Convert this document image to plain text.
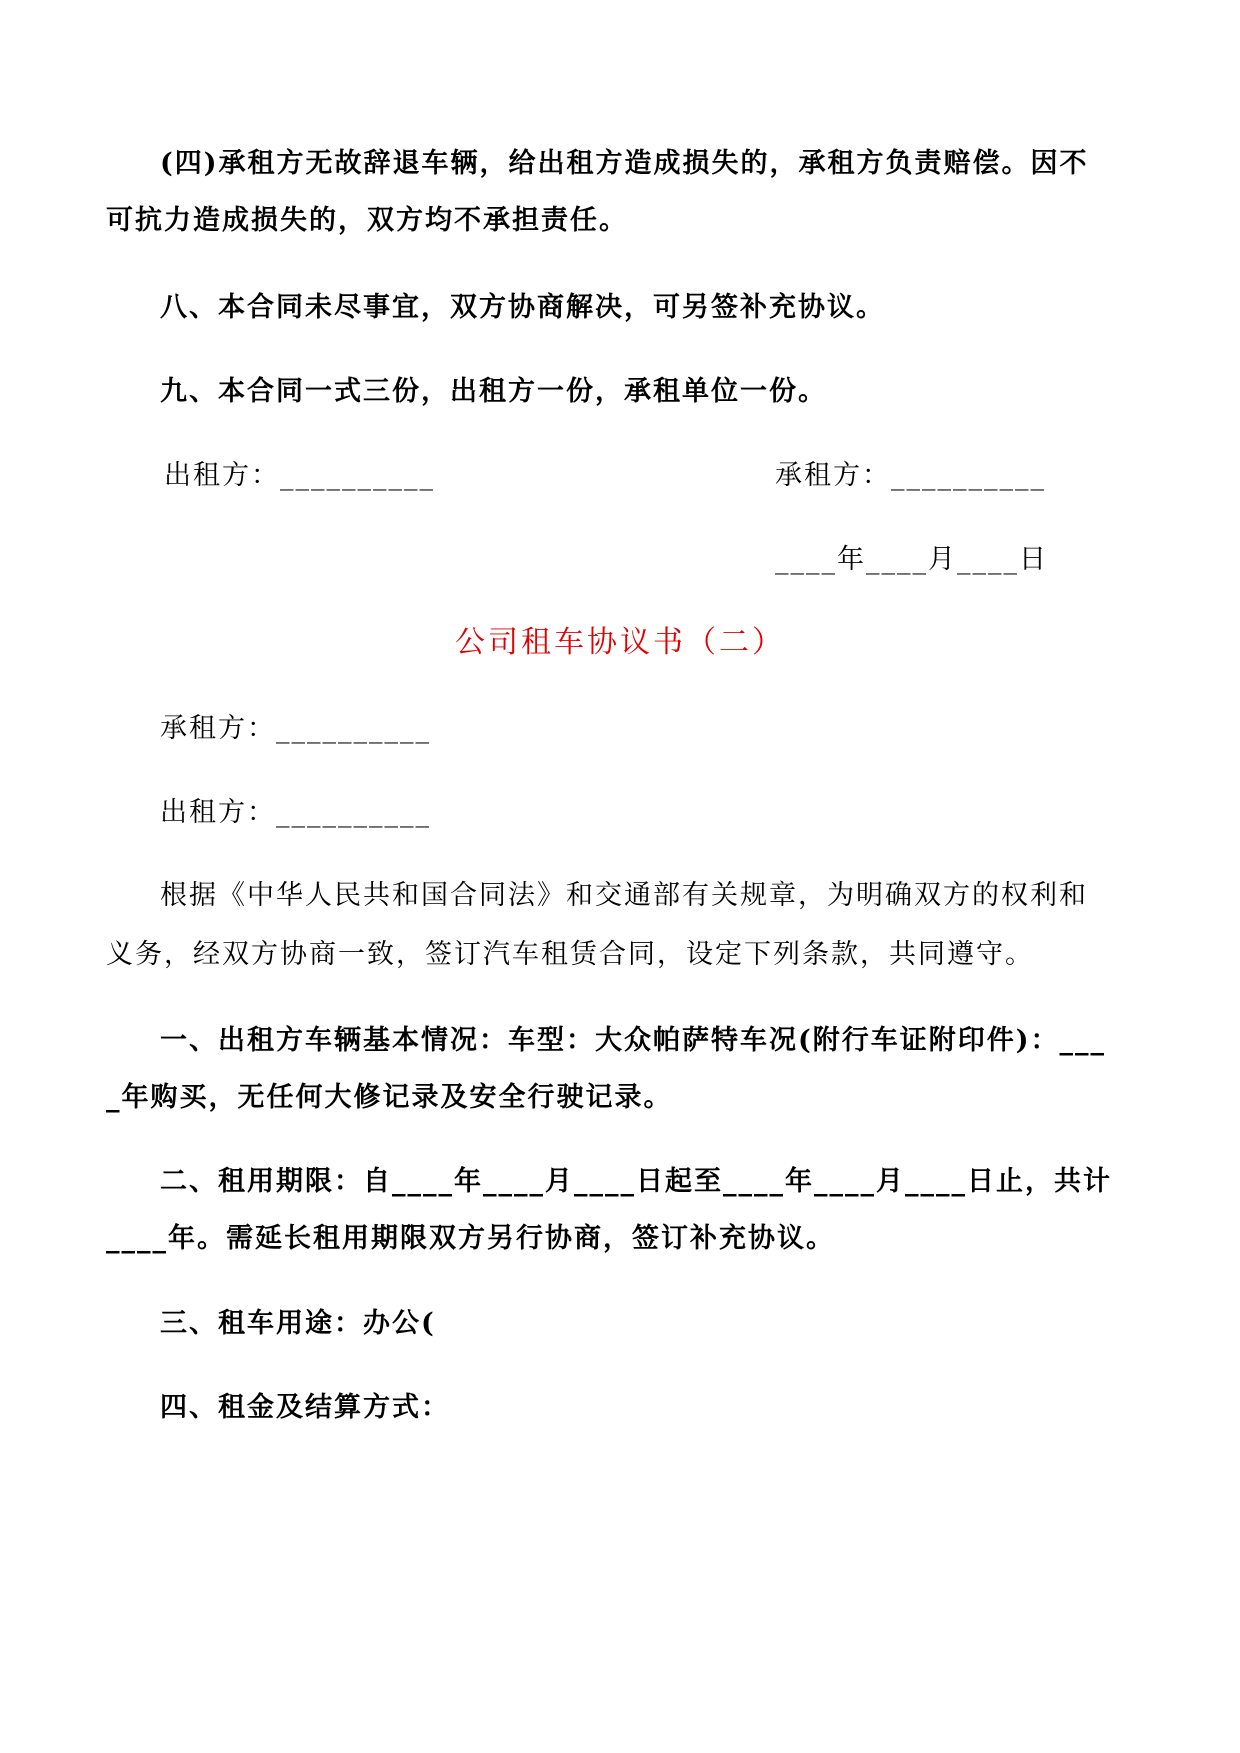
(四)承租方无故辞退车辆，给出租方造成损失的，承租方负责赔偿。因不
可抗力造成损失的，双方均不承担责任。
八、本合同未尽事宜，双方协商解决，可另签补充协议。
九、本合同一式三份，出租方一份，承租单位一份。
出租方：__________	承租方：__________
____年____月____日
公司租车协议书（二）
承租方：__________
出租方：__________
根据《中华人民共和国合同法》和交通部有关规章，为明确双方的权利和
义务，经双方协商一致，签订汽车租赁合同，设定下列条款，共同遵守。
一、出租方车辆基本情况：车型：大众帕萨特车况(附行车证附印件)：___
_年购买，无任何大修记录及安全行驶记录。
二、租用期限：自____年____月____日起至____年____月____日止，共计
____年。需延长租用期限双方另行协商，签订补充协议。
三、租车用途：办公(
四、租金及结算方式：
